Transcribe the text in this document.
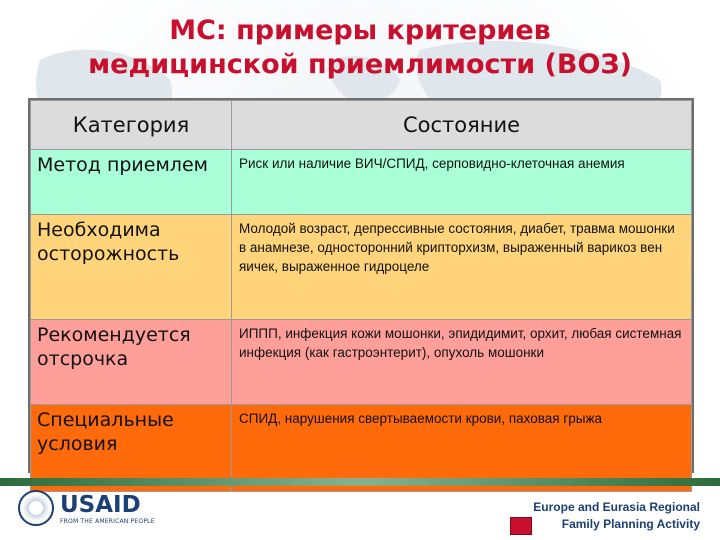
МС: примеры критериев
медицинской приемлимости (ВОЗ)
Категория	Состояние
Метод приемлем	Риск или наличие ВИЧ/СПИД, серповидно-клеточная анемия
Необходима осторожность	Молодой возраст, депрессивные состояния, диабет, травма мошонки в анамнезе, односторонний крипторхизм, выраженный варикоз вен яичек, выраженное гидроцеле
Рекомендуется отсрочка	ИППП, инфекция кожи мошонки, эпидидимит, орхит, любая системная инфекция (как гастроэнтерит), опухоль мошонки
Специальные условия	СПИД, нарушения свертываемости крови, паховая грыжа
USAID
FROM THE AMERICAN PEOPLE
Europe and Eurasia Regional
Family Planning Activity
